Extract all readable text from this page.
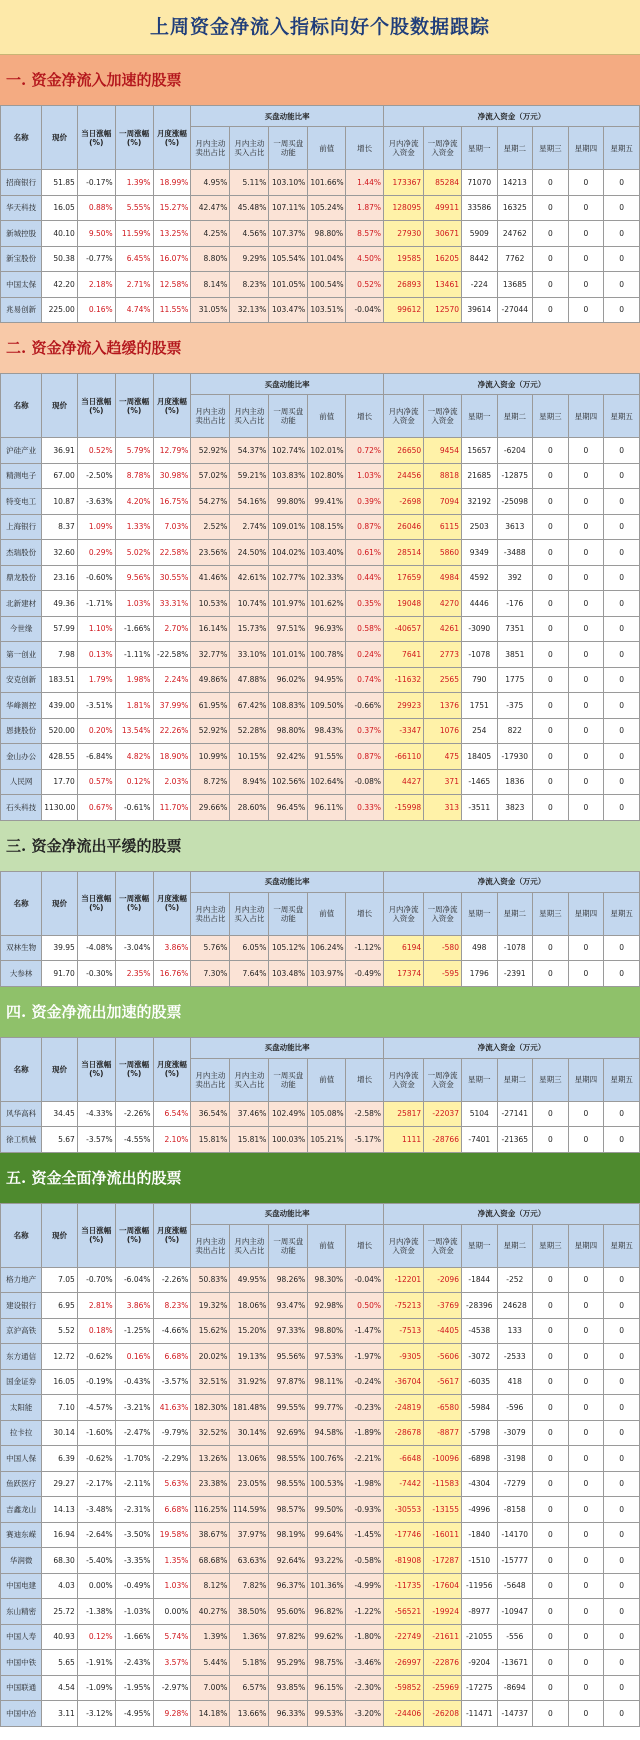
上周资金净流入指标向好个股数据跟踪
一. 资金净流入加速的股票
名称	现价	当日涨幅(%)	一周涨幅(%)	月度涨幅(%)	买盘动能比率					净流入资金（万元）						
					月内主动卖出占比	月内主动买入占比	一周买盘动能	前值	增长	月内净流入资金	一周净流入资金	星期一	星期二	星期三	星期四	星期五
招商银行	51.85	-0.17%	1.39%	18.99%	4.95%	5.11%	103.10%	101.66%	1.44%	173367	85284	71070	14213	0	0	0
华天科技	16.05	0.88%	5.55%	15.27%	42.47%	45.48%	107.11%	105.24%	1.87%	128095	49911	33586	16325	0	0	0
新城控股	40.10	9.50%	11.59%	13.25%	4.25%	4.56%	107.37%	98.80%	8.57%	27930	30671	5909	24762	0	0	0
新宝股份	50.38	-0.77%	6.45%	16.07%	8.80%	9.29%	105.54%	101.04%	4.50%	19585	16205	8442	7762	0	0	0
中国太保	42.20	2.18%	2.71%	12.58%	8.14%	8.23%	101.05%	100.54%	0.52%	26893	13461	-224	13685	0	0	0
兆易创新	225.00	0.16%	4.74%	11.55%	31.05%	32.13%	103.47%	103.51%	-0.04%	99612	12570	39614	-27044	0	0	0
二. 资金净流入趋缓的股票
名称	现价	当日涨幅(%)	一周涨幅(%)	月度涨幅(%)	买盘动能比率					净流入资金（万元）						
					月内主动卖出占比	月内主动买入占比	一周买盘动能	前值	增长	月内净流入资金	一周净流入资金	星期一	星期二	星期三	星期四	星期五
沪硅产业	36.91	0.52%	5.79%	12.79%	52.92%	54.37%	102.74%	102.01%	0.72%	26650	9454	15657	-6204	0	0	0
精测电子	67.00	-2.50%	8.78%	30.98%	57.02%	59.21%	103.83%	102.80%	1.03%	24456	8818	21685	-12875	0	0	0
特变电工	10.87	-3.63%	4.20%	16.75%	54.27%	54.16%	99.80%	99.41%	0.39%	-2698	7094	32192	-25098	0	0	0
上海银行	8.37	1.09%	1.33%	7.03%	2.52%	2.74%	109.01%	108.15%	0.87%	26046	6115	2503	3613	0	0	0
杰瑞股份	32.60	0.29%	5.02%	22.58%	23.56%	24.50%	104.02%	103.40%	0.61%	28514	5860	9349	-3488	0	0	0
鼎龙股份	23.16	-0.60%	9.56%	30.55%	41.46%	42.61%	102.77%	102.33%	0.44%	17659	4984	4592	392	0	0	0
北新建材	49.36	-1.71%	1.03%	33.31%	10.53%	10.74%	101.97%	101.62%	0.35%	19048	4270	4446	-176	0	0	0
今世缘	57.99	1.10%	-1.66%	2.70%	16.14%	15.73%	97.51%	96.93%	0.58%	-40657	4261	-3090	7351	0	0	0
第一创业	7.98	0.13%	-1.11%	-22.58%	32.77%	33.10%	101.01%	100.78%	0.24%	7641	2773	-1078	3851	0	0	0
安克创新	183.51	1.79%	1.98%	2.24%	49.86%	47.88%	96.02%	94.95%	0.74%	-11632	2565	790	1775	0	0	0
华峰测控	439.00	-3.51%	1.81%	37.99%	61.95%	67.42%	108.83%	109.50%	-0.66%	29923	1376	1751	-375	0	0	0
恩捷股份	520.00	0.20%	13.54%	22.26%	52.92%	52.28%	98.80%	98.43%	0.37%	-3347	1076	254	822	0	0	0
金山办公	428.55	-6.84%	4.82%	18.90%	10.99%	10.15%	92.42%	91.55%	0.87%	-66110	475	18405	-17930	0	0	0
人民网	17.70	0.57%	0.12%	2.03%	8.72%	8.94%	102.56%	102.64%	-0.08%	4427	371	-1465	1836	0	0	0
石头科技	1130.00	0.67%	-0.61%	11.70%	29.66%	28.60%	96.45%	96.11%	0.33%	-15998	313	-3511	3823	0	0	0
三. 资金净流出平缓的股票
名称	现价	当日涨幅(%)	一周涨幅(%)	月度涨幅(%)	买盘动能比率					净流入资金（万元）						
					月内主动卖出占比	月内主动买入占比	一周买盘动能	前值	增长	月内净流入资金	一周净流入资金	星期一	星期二	星期三	星期四	星期五
双林生物	39.95	-4.08%	-3.04%	3.86%	5.76%	6.05%	105.12%	106.24%	-1.12%	6194	-580	498	-1078	0	0	0
大参林	91.70	-0.30%	2.35%	16.76%	7.30%	7.64%	103.48%	103.97%	-0.49%	17374	-595	1796	-2391	0	0	0
四. 资金净流出加速的股票
名称	现价	当日涨幅(%)	一周涨幅(%)	月度涨幅(%)	买盘动能比率					净流入资金（万元）						
					月内主动卖出占比	月内主动买入占比	一周买盘动能	前值	增长	月内净流入资金	一周净流入资金	星期一	星期二	星期三	星期四	星期五
风华高科	34.45	-4.33%	-2.26%	6.54%	36.54%	37.46%	102.49%	105.08%	-2.58%	25817	-22037	5104	-27141	0	0	0
徐工机械	5.67	-3.57%	-4.55%	2.10%	15.81%	15.81%	100.03%	105.21%	-5.17%	1111	-28766	-7401	-21365	0	0	0
五. 资金全面净流出的股票
名称	现价	当日涨幅(%)	一周涨幅(%)	月度涨幅(%)	买盘动能比率					净流入资金（万元）						
					月内主动卖出占比	月内主动买入占比	一周买盘动能	前值	增长	月内净流入资金	一周净流入资金	星期一	星期二	星期三	星期四	星期五
格力地产	7.05	-0.70%	-6.04%	-2.26%	50.83%	49.95%	98.26%	98.30%	-0.04%	-12201	-2096	-1844	-252	0	0	0
建设银行	6.95	2.81%	3.86%	8.23%	19.32%	18.06%	93.47%	92.98%	0.50%	-75213	-3769	-28396	24628	0	0	0
京沪高铁	5.52	0.18%	-1.25%	-4.66%	15.62%	15.20%	97.33%	98.80%	-1.47%	-7513	-4405	-4538	133	0	0	0
东方通信	12.72	-0.62%	0.16%	6.68%	20.02%	19.13%	95.56%	97.53%	-1.97%	-9305	-5606	-3072	-2533	0	0	0
国金证券	16.05	-0.19%	-0.43%	-3.57%	32.51%	31.92%	97.87%	98.11%	-0.24%	-36704	-5617	-6035	418	0	0	0
太阳能	7.10	-4.57%	-3.21%	41.63%	182.30%	181.48%	99.55%	99.77%	-0.23%	-24819	-6580	-5984	-596	0	0	0
拉卡拉	30.14	-1.60%	-2.47%	-9.79%	32.52%	30.14%	92.69%	94.58%	-1.89%	-28678	-8877	-5798	-3079	0	0	0
中国人保	6.39	-0.62%	-1.70%	-2.29%	13.26%	13.06%	98.55%	100.76%	-2.21%	-6648	-10096	-6898	-3198	0	0	0
鱼跃医疗	29.27	-2.17%	-2.11%	5.63%	23.38%	23.05%	98.55%	100.53%	-1.98%	-7442	-11583	-4304	-7279	0	0	0
吉鑫龙山	14.13	-3.48%	-2.31%	6.68%	116.25%	114.59%	98.57%	99.50%	-0.93%	-30553	-13155	-4996	-8158	0	0	0
赛迪东嵘	16.94	-2.64%	-3.50%	19.58%	38.67%	37.97%	98.19%	99.64%	-1.45%	-17746	-16011	-1840	-14170	0	0	0
华润微	68.30	-5.40%	-3.35%	1.35%	68.68%	63.63%	92.64%	93.22%	-0.58%	-81908	-17287	-1510	-15777	0	0	0
中国电建	4.03	0.00%	-0.49%	1.03%	8.12%	7.82%	96.37%	101.36%	-4.99%	-11735	-17604	-11956	-5648	0	0	0
东山精密	25.72	-1.38%	-1.03%	0.00%	40.27%	38.50%	95.60%	96.82%	-1.22%	-56521	-19924	-8977	-10947	0	0	0
中国人寿	40.93	0.12%	-1.66%	5.74%	1.39%	1.36%	97.82%	99.62%	-1.80%	-22749	-21611	-21055	-556	0	0	0
中国中铁	5.65	-1.91%	-2.43%	3.57%	5.44%	5.18%	95.29%	98.75%	-3.46%	-26997	-22876	-9204	-13671	0	0	0
中国联通	4.54	-1.09%	-1.95%	-2.97%	7.00%	6.57%	93.85%	96.15%	-2.30%	-59852	-25969	-17275	-8694	0	0	0
中国中冶	3.11	-3.12%	-4.95%	9.28%	14.18%	13.66%	96.33%	99.53%	-3.20%	-24406	-26208	-11471	-14737	0	0	0
